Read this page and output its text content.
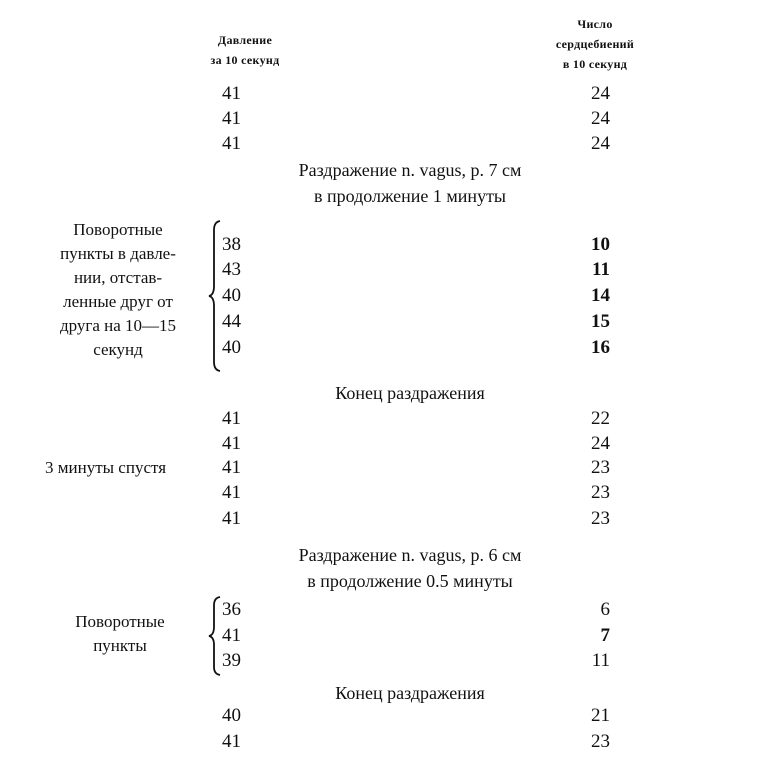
Давление
за 10 секунд
Число
сердцебиений
в 10 секунд
41	24
41	24
41	24
Раздражение n. vagus, р. 7 см
в продолжение 1 минуты
Поворотные
пункты в давле-
нии, отстав-
ленные друг от
друга на 10—15
секунд
38	10
43	11
40	14
44	15
40	16
Конец раздражения
41	22
41	24
3 минуты спустя	41	23
41	23
41	23
Раздражение n. vagus, р. 6 см
в продолжение 0.5 минуты
Поворотные
пункты
36	6
41	7
39	11
Конец раздражения
40	21
41	23
